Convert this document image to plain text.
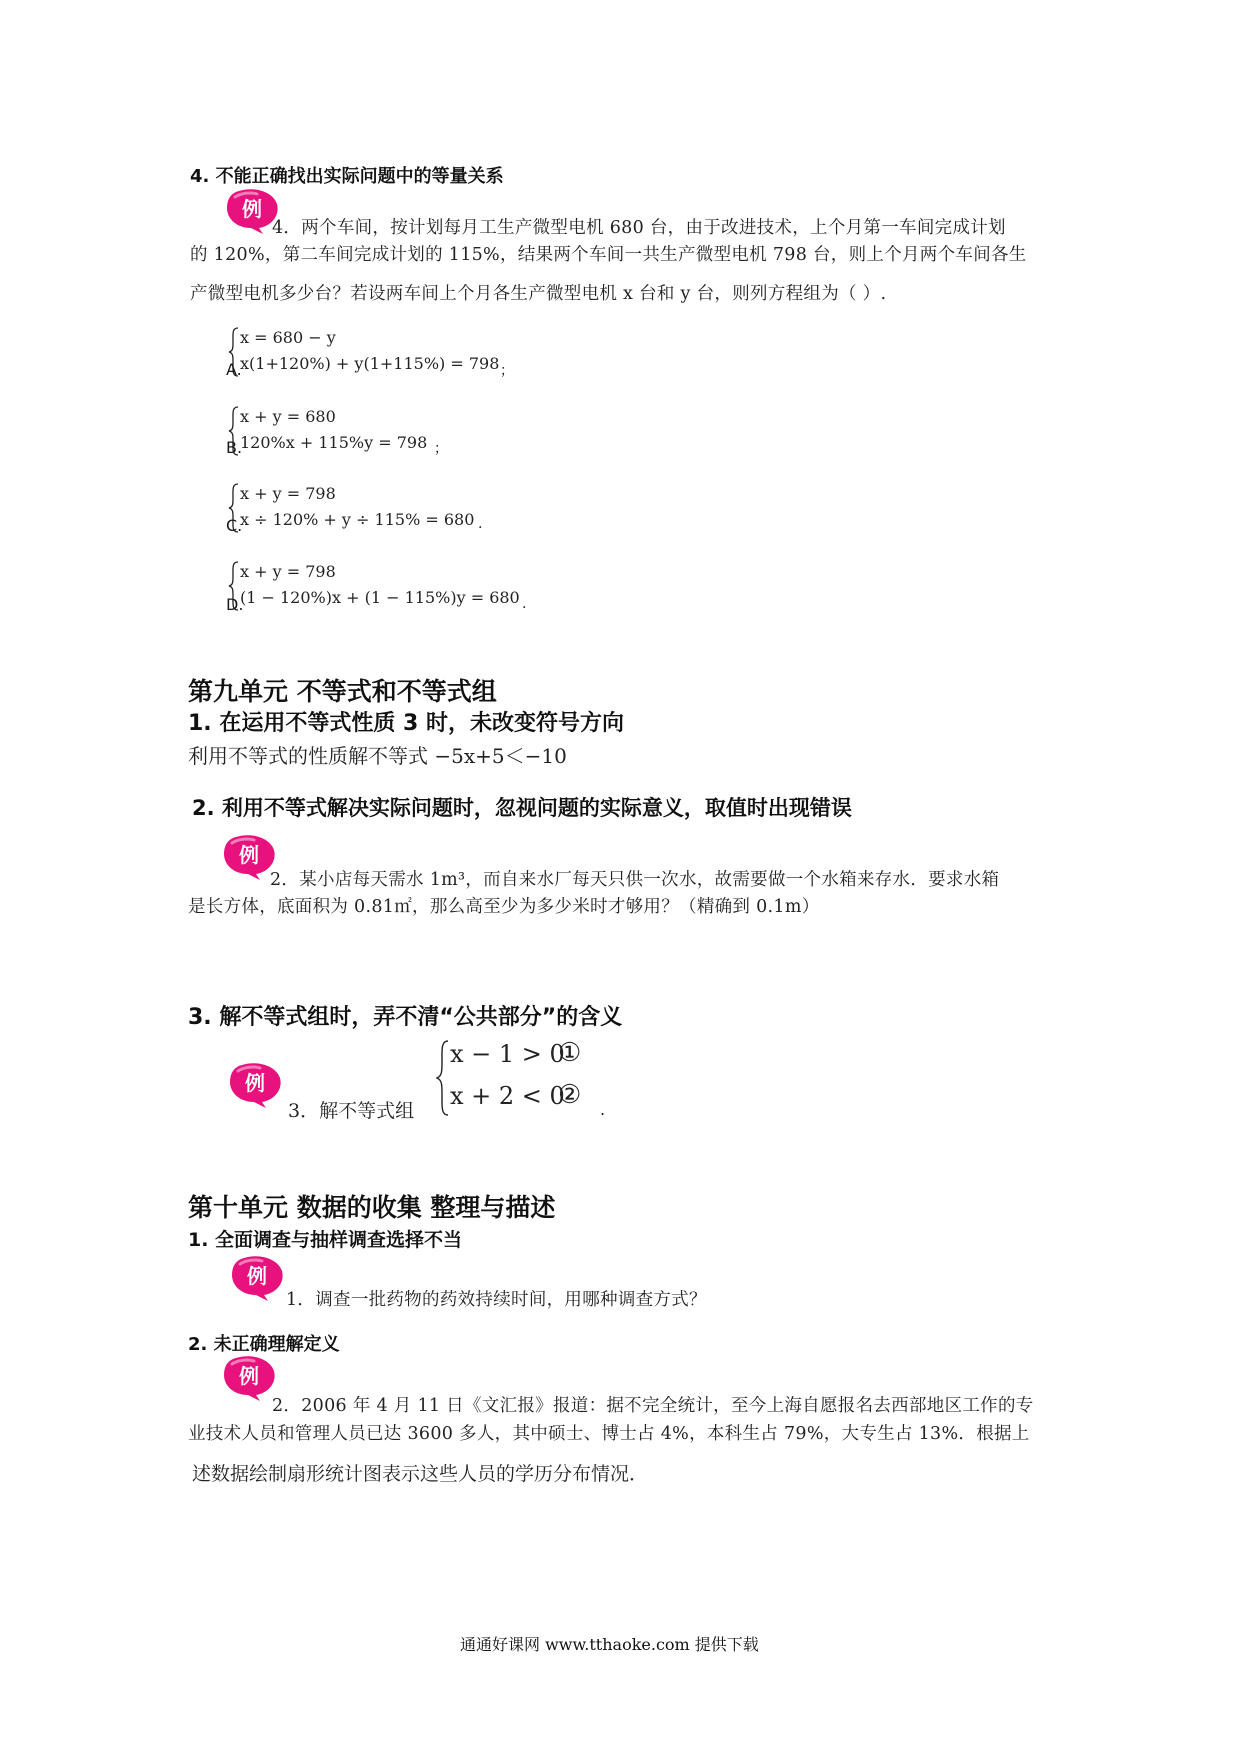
4. 不能正确找出实际问题中的等量关系
例
4．两个车间，按计划每月工生产微型电机 680 台，由于改进技术，上个月第一车间完成计划
的 120%，第二车间完成计划的 115%，结果两个车间一共生产微型电机 798 台，则上个月两个车间各生
产微型电机多少台？若设两车间上个月各生产微型电机 x 台和 y 台，则列方程组为（ ）.
x = 680 − y
x(1+120%) + y(1+115%) = 798
A.	；
x + y = 680
120%x + 115%y = 798
B.	；
x + y = 798
x ÷ 120% + y ÷ 115% = 680
C.	.
x + y = 798
(1 − 120%)x + (1 − 115%)y = 680
D.	.
第九单元 不等式和不等式组
1. 在运用不等式性质 3 时，未改变符号方向
利用不等式的性质解不等式 −5x+5＜−10
2. 利用不等式解决实际问题时，忽视问题的实际意义，取值时出现错误
例
2．某小店每天需水 1m³，而自来水厂每天只供一次水，故需要做一个水箱来存水．要求水箱
是长方体，底面积为 0.81㎡，那么高至少为多少米时才够用？（精确到 0.1m）
3. 解不等式组时，弄不清“公共部分”的含义
例
3．解不等式组
x − 1 > 0
x + 2 < 0
①
② .
第十单元 数据的收集 整理与描述
1. 全面调查与抽样调查选择不当
例
1．调查一批药物的药效持续时间，用哪种调查方式？
2. 未正确理解定义
例
2．2006 年 4 月 11 日《文汇报》报道：据不完全统计，至今上海自愿报名去西部地区工作的专
业技术人员和管理人员已达 3600 多人，其中硕士、博士占 4%，本科生占 79%，大专生占 13%．根据上
述数据绘制扇形统计图表示这些人员的学历分布情况．
通通好课网 www.tthaoke.com 提供下载
